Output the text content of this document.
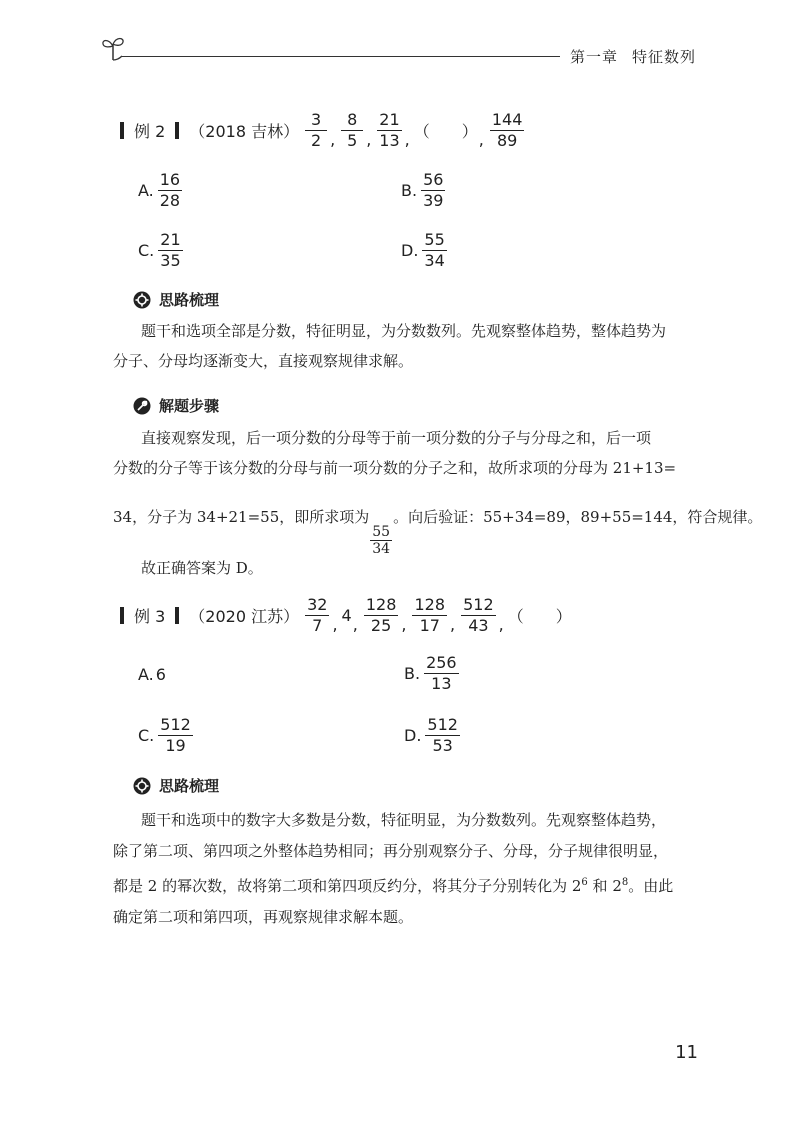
第一章 特征数列
例 2 （2018 吉林） $\frac{3}{2}$ , $\frac{8}{5}$ , $\frac{21}{13}$ , （　　） , $\frac{144}{89}$
A. $\frac{16}{28}$	B. $\frac{56}{39}$
C. $\frac{21}{35}$	D. $\frac{55}{34}$
思路梳理
题干和选项全部是分数，特征明显，为分数数列。先观察整体趋势，整体趋势为
分子、分母均逐渐变大，直接观察规律求解。
解题步骤
直接观察发现，后一项分数的分母等于前一项分数的分子与分母之和，后一项
分数的分子等于该分数的分母与前一项分数的分子之和，故所求项的分母为 21+13=
34，分子为 34+21=55，即所求项为
$\frac{55}{34}$
。向后验证：55+34=89，89+55=144，符合规律。
故正确答案为 D。
例 3 （2020 江苏） $\frac{32}{7}$ , 4 , $\frac{128}{25}$ , $\frac{128}{17}$ , $\frac{512}{43}$ , （　　）
A. 6	B. $\frac{256}{13}$
C. $\frac{512}{19}$	D. $\frac{512}{53}$
思路梳理
题干和选项中的数字大多数是分数，特征明显，为分数数列。先观察整体趋势，
除了第二项、第四项之外整体趋势相同；再分别观察分子、分母，分子规律很明显，
都是 2 的幂次数，故将第二项和第四项反约分，将其分子分别转化为 $2^6$ 和 $2^8$。由此
确定第二项和第四项，再观察规律求解本题。
11
